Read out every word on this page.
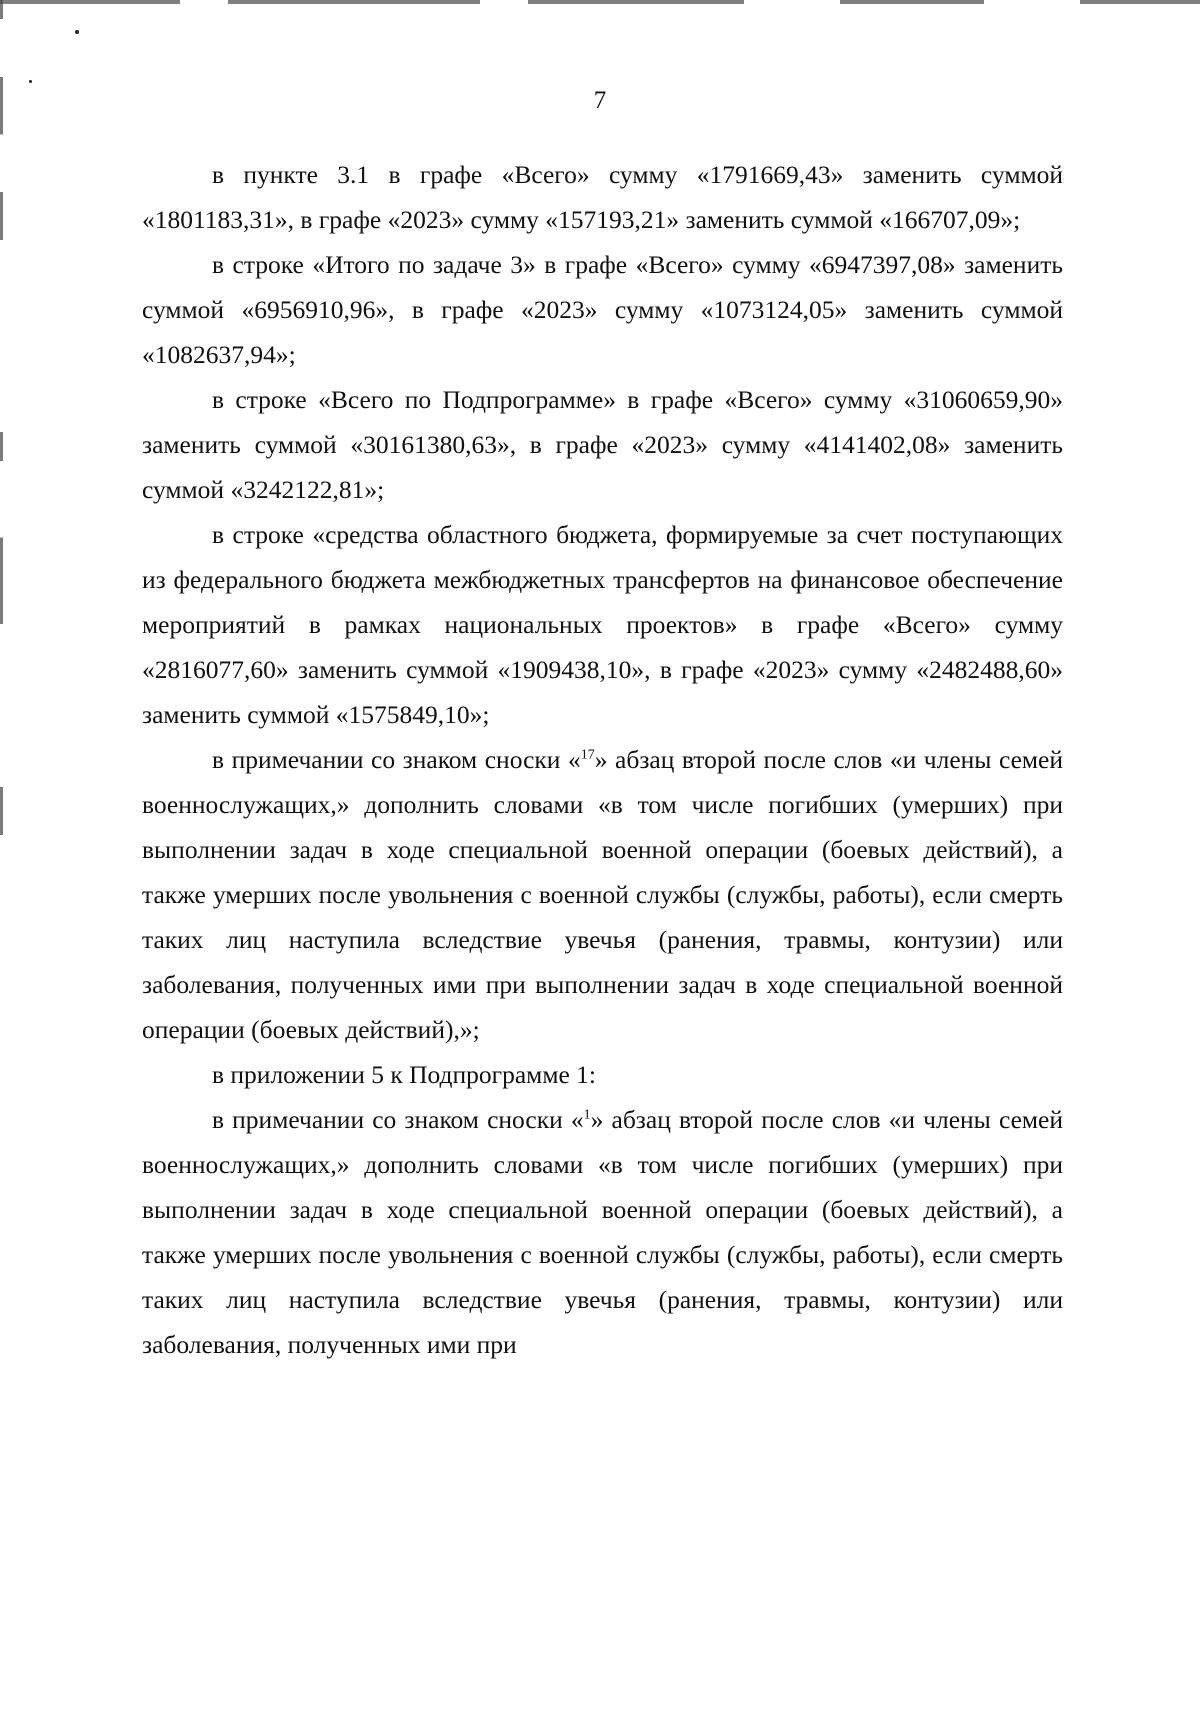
7

в пункте 3.1 в графе «Всего» сумму «1791669,43» заменить суммой «1801183,31», в графе «2023» сумму «157193,21» заменить суммой «166707,09»;

в строке «Итого по задаче 3» в графе «Всего» сумму «6947397,08» заменить суммой «6956910,96», в графе «2023» сумму «1073124,05» заменить суммой «1082637,94»;

в строке «Всего по Подпрограмме» в графе «Всего» сумму «31060659,90» заменить суммой «30161380,63», в графе «2023» сумму «4141402,08» заменить суммой «3242122,81»;

в строке «средства областного бюджета, формируемые за счет поступающих из федерального бюджета межбюджетных трансфертов на финансовое обеспечение мероприятий в рамках национальных проектов» в графе «Всего» сумму «2816077,60» заменить суммой «1909438,10», в графе «2023» сумму «2482488,60» заменить суммой «1575849,10»;

в примечании со знаком сноски «$^{17}$» абзац второй после слов «и члены семей военнослужащих,» дополнить словами «в том числе погибших (умерших) при выполнении задач в ходе специальной военной операции (боевых действий), а также умерших после увольнения с военной службы (службы, работы), если смерть таких лиц наступила вследствие увечья (ранения, травмы, контузии) или заболевания, полученных ими при выполнении задач в ходе специальной военной операции (боевых действий),»;

в приложении 5 к Подпрограмме 1:

в примечании со знаком сноски «$^1$» абзац второй после слов «и члены семей военнослужащих,» дополнить словами «в том числе погибших (умерших) при выполнении задач в ходе специальной военной операции (боевых действий), а также умерших после увольнения с военной службы (службы, работы), если смерть таких лиц наступила вследствие увечья (ранения, травмы, контузии) или заболевания, полученных ими при
